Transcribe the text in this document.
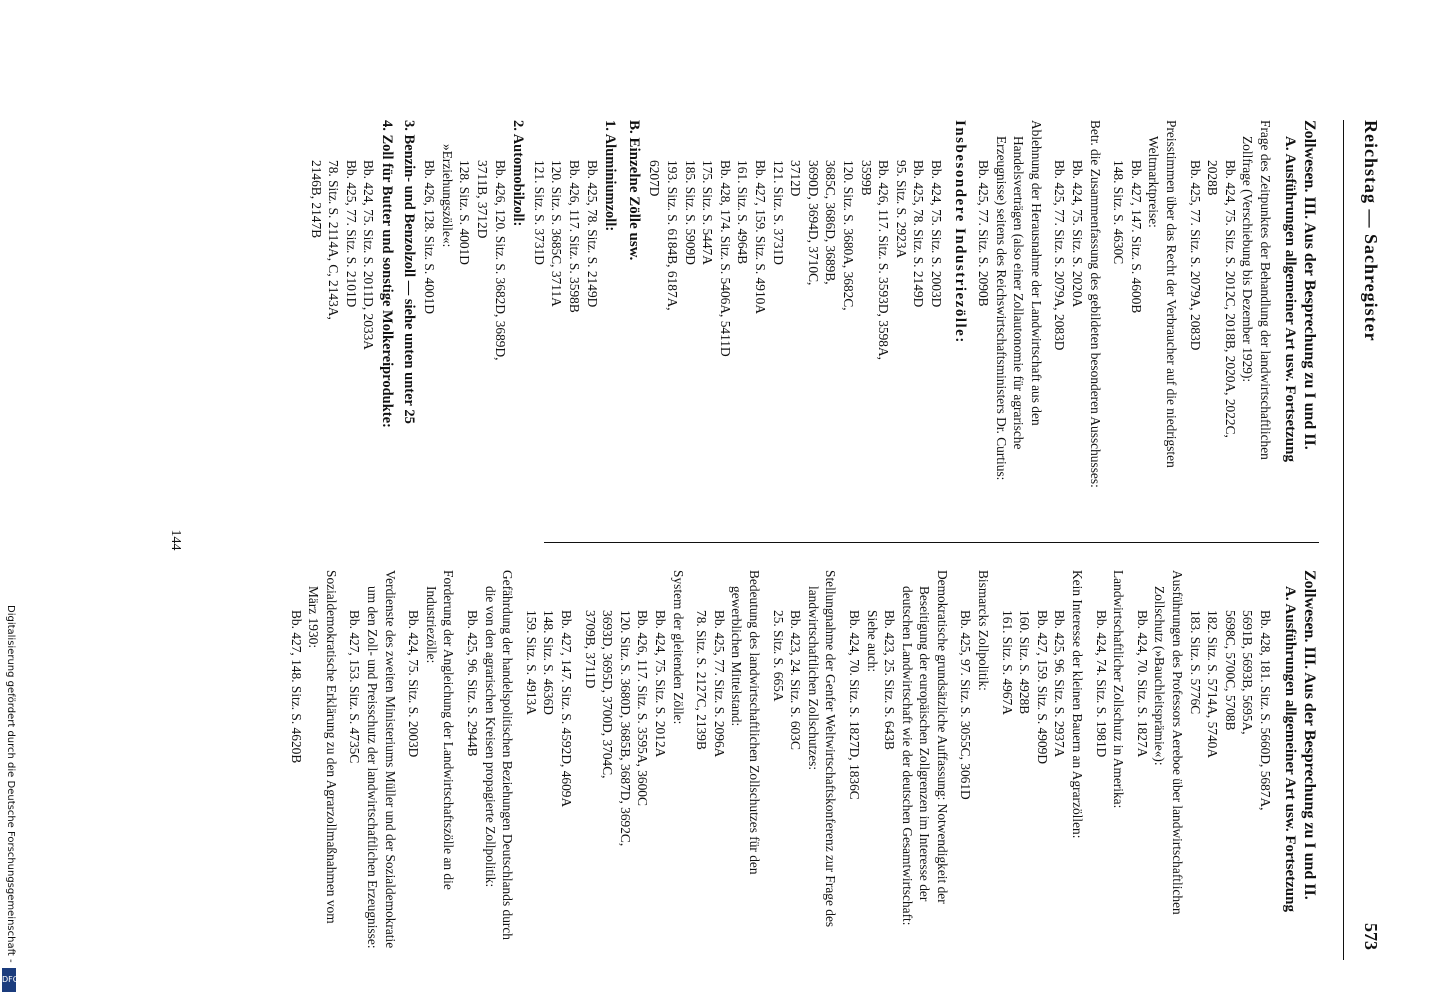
Reichstag — Sachregister
573
Zollwesen. III. Aus der Besprechung zu I und II.
A. Ausführungen allgemeiner Art usw. Fortsetzung
Frage des Zeitpunktes der Behandlung der landwirtschaftlichen Zollfrage (Verschiebung bis Dezember 1929):
Bb. 424, 75. Sitz. S. 2012C, 2018B, 2020A, 2022C,
2028B
Bb. 425, 77. Sitz. S. 2079A, 2083D
Preisstimmen über das Recht der Verbraucher auf die niedrigsten Weltmarktpreise:
Bb. 427, 147. Sitz. S. 4600B
148. Sitz. S. 4630C
Betr. die Zusammenfassung des gebildeten besonderen Ausschusses:
Bb. 424, 75. Sitz. S. 2020A
Bb. 425, 77. Sitz. S. 2079A, 2083D
Ablehnung der Herausnahme der Landwirtschaft aus den Handelsverträgen (also einer Zollautonomie für agrarische Erzeugnisse) seitens des Reichswirtschaftsministers Dr. Curtius:
Bb. 425, 77. Sitz. S. 2090B
Insbesondere Industriezölle:
Bb. 424, 75. Sitz. S. 2003D
Bb. 425, 78. Sitz. S. 2149D
95. Sitz. S. 2923A
Bb. 426, 117. Sitz. S. 3593D, 3598A,
3599B
120. Sitz. S. 3680A, 3682C,
3685C, 3686D, 3689B,
3690D, 3694D, 3710C,
3712D
121. Sitz. S. 3731D
Bb. 427, 159. Sitz. S. 4910A
161. Sitz. S. 4964B
Bb. 428, 174. Sitz. S. 5406A, 5411D
175. Sitz. S. 5447A
185. Sitz. S. 5909D
193. Sitz. S. 6184B, 6187A,
6207D
B. Einzelne Zölle usw.
1. Aluminiumzoll:
Bb. 425, 78. Sitz. S. 2149D
Bb. 426, 117. Sitz. S. 3598B
120. Sitz. S. 3685C, 3711A
121. Sitz. S. 3731D
2. Automobilzoll:
Bb. 426, 120. Sitz. S. 3682D, 3689D,
3711B, 3712D
128. Sitz. S. 4001D
»Erziehungszölle«:
Bb. 426, 128. Sitz. S. 4001D
3. Benzin- und Benzolzoll — siehe unten unter 25
4. Zoll für Butter und sonstige Molkereiprodukte:
Bb. 424, 75. Sitz. S. 2011D, 2033A
Bb. 425, 77. Sitz. S. 2101D
78. Sitz. S. 2114A, C, 2143A,
2146B, 2147B
Zollwesen. III. Aus der Besprechung zu I und II.
A. Ausführungen allgemeiner Art usw. Fortsetzung
Bb. 428, 181. Sitz. S. 5660D, 5687A,
5691B, 5693B, 5695A,
5698C, 5700C, 5708B
182. Sitz. S. 5714A, 5740A
183. Sitz. S. 5776C
Ausführungen des Professors Aereboe über landwirtschaftlichen Zollschutz (»Bauchleitsprämie«):
Bb. 424, 70. Sitz. S. 1827A
Landwirtschaftlicher Zollschutz in Amerika:
Bb. 424, 74. Sitz. S. 1981D
Kein Interesse der kleinen Bauern an Agrarzöllen:
Bb. 425, 96. Sitz. S. 2937A
Bb. 427, 159. Sitz. S. 4909D
160. Sitz. S. 4928B
161. Sitz. S. 4967A
Bismarcks Zollpolitik:
Bb. 425, 97. Sitz. S. 3055C, 3061D
Demokratische grundsätzliche Auffassung: Notwendigkeit der Beseitigung der europäischen Zollgrenzen im Interesse der deutschen Landwirtschaft wie der deutschen Gesamtwirtschaft:
Bb. 423, 25. Sitz. S. 643B
Siehe auch:
Bb. 424, 70. Sitz. S. 1827D, 1836C
Stellungnahme der Genfer Weltwirtschaftskonferenz zur Frage des landwirtschaftlichen Zollschutzes:
Bb. 423, 24. Sitz. S. 603C
25. Sitz. S. 665A
Bedeutung des landwirtschaftlichen Zollschutzes für den gewerblichen Mittelstand:
Bb. 425, 77. Sitz. S. 2096A
78. Sitz. S. 2127C, 2139B
System der gleitenden Zölle:
Bb. 424, 75. Sitz. S. 2012A
Bb. 426, 117. Sitz. S. 3595A, 3600C
120. Sitz. S. 3680D, 3685B, 3687D, 3692C,
3693D, 3695D, 3700D, 3704C,
3709B, 3711D
Bb. 427, 147. Sitz. S. 4592D, 4609A
148. Sitz. S. 4636D
159. Sitz. S. 4913A
Gefährdung der handelspolitischen Beziehungen Deutschlands durch die von den agrarischen Kreisen propagierte Zollpolitik:
Bb. 425, 96. Sitz. S. 2944B
Forderung der Angleichung der Landwirtschaftszölle an die Industriezölle:
Bb. 424, 75. Sitz. S. 2003D
Verdienste des zweiten Ministeriums Müller und der Sozialdemokratie um den Zoll- und Preisschutz der landwirtschaftlichen Erzeugnisse:
Bb. 427, 153. Sitz. S. 4735C
Sozialdemokratische Erklärung zu den Agrarzollmaßnahmen vom März 1930:
Bb. 427, 148. Sitz. S. 4620B
144
Digitalisierung gefördert durch die Deutsche Forschungsgemeinschaft -
DFG
